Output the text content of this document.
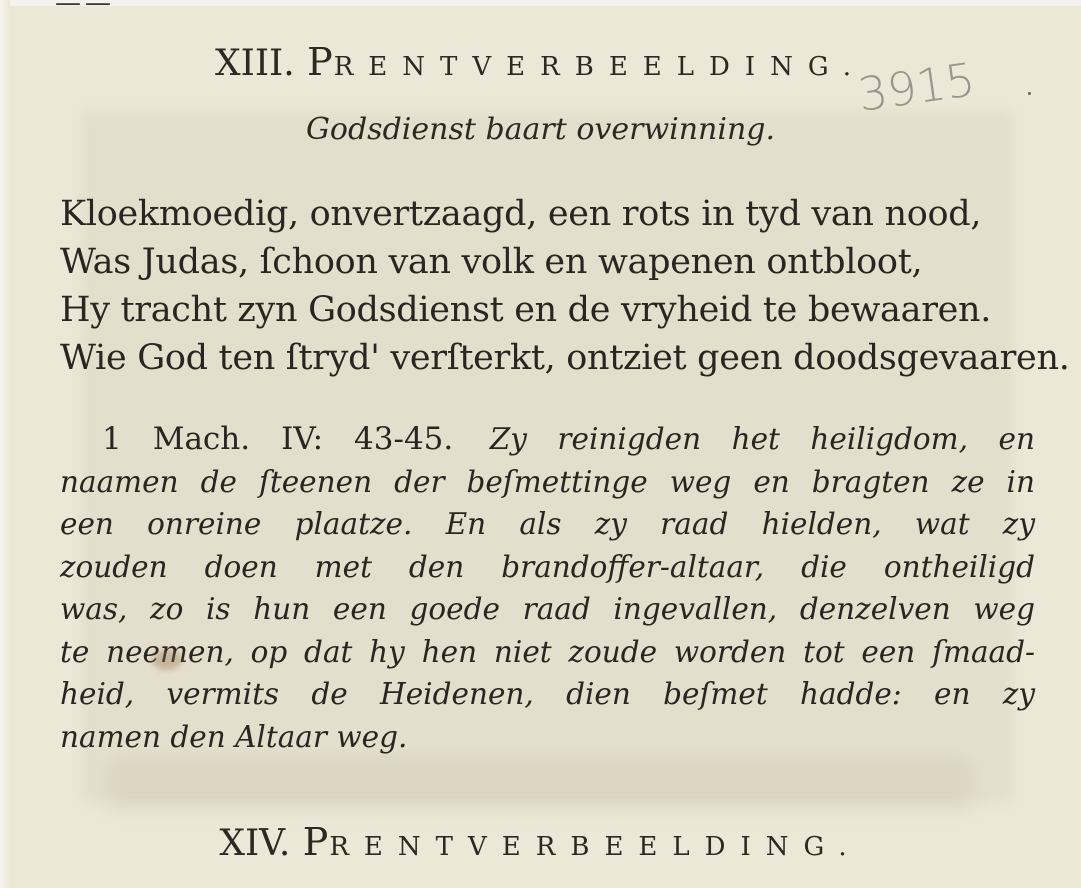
——
XIII. PRENTVERBEELDING.
3915
Godsdienst baart overwinning.
Kloekmoedig, onvertzaagd, een rots in tyd van nood,
Was Judas, ſchoon van volk en wapenen ontbloot,
Hy tracht zyn Godsdienst en de vryheid te bewaaren.
Wie God ten ſtryd' verſterkt, ontziet geen doodsgevaaren.
1 Mach. IV: 43-45. Zy reinigden het heiligdom, en
naamen de ſteenen der beſmettinge weg en bragten ze in
een onreine plaatze. En als zy raad hielden, wat zy
zouden doen met den brandoffer-altaar, die ontheiligd
was, zo is hun een goede raad ingevallen, denzelven weg
te neemen, op dat hy hen niet zoude worden tot een ſmaad-
heid, vermits de Heidenen, dien beſmet hadde: en zy
namen den Altaar weg.
XIV. PRENTVERBEELDING.
